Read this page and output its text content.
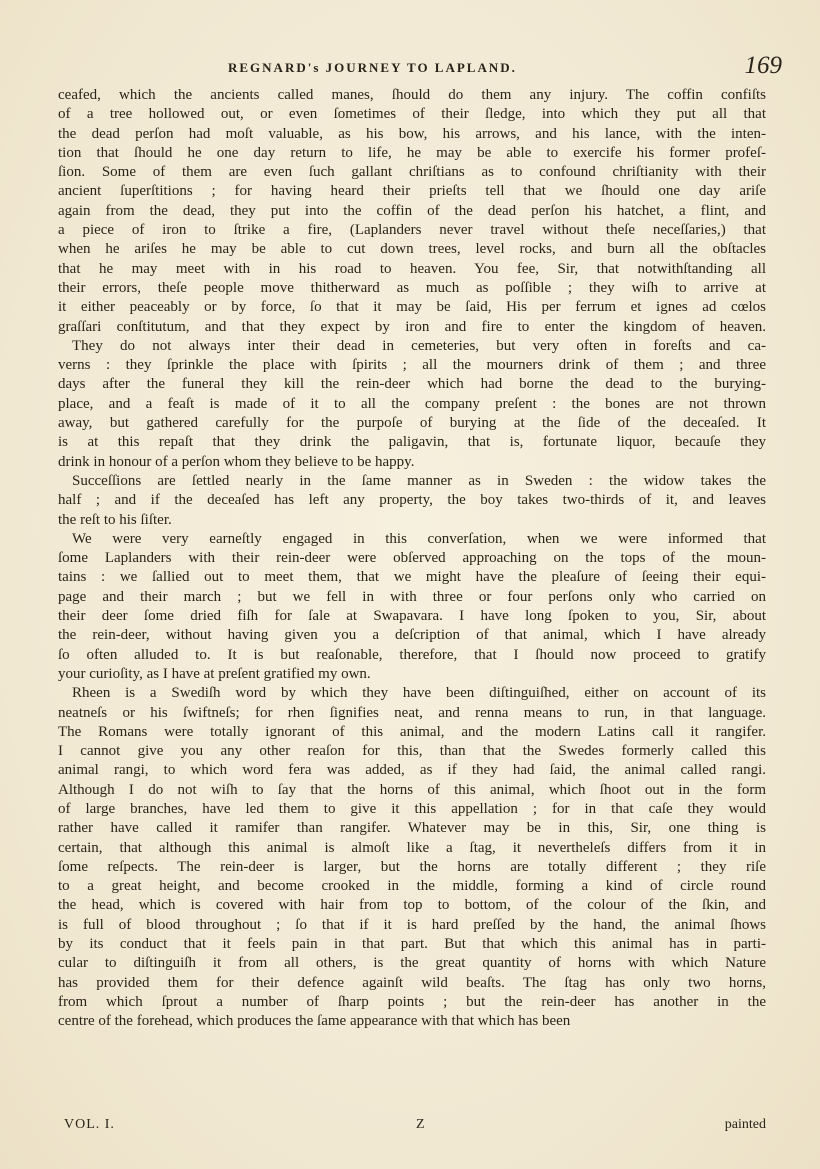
REGNARD's JOURNEY TO LAPLAND.	169
ceafed, which the ancients called manes, ſhould do them any injury. The coffin confiſts
of a tree hollowed out, or even ſometimes of their ſledge, into which they put all that
the dead perſon had moſt valuable, as his bow, his arrows, and his lance, with the inten-
tion that ſhould he one day return to life, he may be able to exercife his former profeſ-
ſion. Some of them are even ſuch gallant chriſtians as to confound chriſtianity with their
ancient ſuperſtitions ; for having heard their prieſts tell that we ſhould one day ariſe
again from the dead, they put into the coffin of the dead perſon his hatchet, a flint, and
a piece of iron to ſtrike a fire, (Laplanders never travel without theſe neceſſaries,) that
when he ariſes he may be able to cut down trees, level rocks, and burn all the obſtacles
that he may meet with in his road to heaven. You fee, Sir, that notwithſtanding all
their errors, theſe people move thitherward as much as poſſible ; they wiſh to arrive at
it either peaceably or by force, ſo that it may be ſaid, His per ferrum et ignes ad cœlos
graſſari conſtitutum, and that they expect by iron and fire to enter the kingdom of heaven.
They do not always inter their dead in cemeteries, but very often in foreſts and ca-
verns : they ſprinkle the place with ſpirits ; all the mourners drink of them ; and three
days after the funeral they kill the rein-deer which had borne the dead to the burying-
place, and a feaſt is made of it to all the company preſent : the bones are not thrown
away, but gathered carefully for the purpoſe of burying at the ſide of the deceaſed. It
is at this repaſt that they drink the paligavin, that is, fortunate liquor, becauſe they
drink in honour of a perſon whom they believe to be happy.
Succeſſions are ſettled nearly in the ſame manner as in Sweden : the widow takes the
half ; and if the deceaſed has left any property, the boy takes two-thirds of it, and leaves
the reſt to his ſiſter.
We were very earneſtly engaged in this converſation, when we were informed that
ſome Laplanders with their rein-deer were obſerved approaching on the tops of the moun-
tains : we ſallied out to meet them, that we might have the pleaſure of ſeeing their equi-
page and their march ; but we fell in with three or four perſons only who carried on
their deer ſome dried fiſh for ſale at Swapavara. I have long ſpoken to you, Sir, about
the rein-deer, without having given you a deſcription of that animal, which I have already
ſo often alluded to. It is but reaſonable, therefore, that I ſhould now proceed to gratify
your curioſity, as I have at preſent gratified my own.
Rheen is a Swediſh word by which they have been diſtinguiſhed, either on account of its
neatneſs or his ſwiftneſs; for rhen ſignifies neat, and renna means to run, in that language.
The Romans were totally ignorant of this animal, and the modern Latins call it rangifer.
I cannot give you any other reaſon for this, than that the Swedes formerly called this
animal rangi, to which word fera was added, as if they had ſaid, the animal called rangi.
Although I do not wiſh to ſay that the horns of this animal, which ſhoot out in the form
of large branches, have led them to give it this appellation ; for in that caſe they would
rather have called it ramifer than rangifer. Whatever may be in this, Sir, one thing is
certain, that although this animal is almoſt like a ſtag, it nevertheleſs differs from it in
ſome reſpects. The rein-deer is larger, but the horns are totally different ; they riſe
to a great height, and become crooked in the middle, forming a kind of circle round
the head, which is covered with hair from top to bottom, of the colour of the ſkin, and
is full of blood throughout ; ſo that if it is hard preſſed by the hand, the animal ſhows
by its conduct that it feels pain in that part. But that which this animal has in parti-
cular to diſtinguiſh it from all others, is the great quantity of horns with which Nature
has provided them for their defence againſt wild beaſts. The ſtag has only two horns,
from which ſprout a number of ſharp points ; but the rein-deer has another in the
centre of the forehead, which produces the ſame appearance with that which has been
VOL. I.	Z	painted
